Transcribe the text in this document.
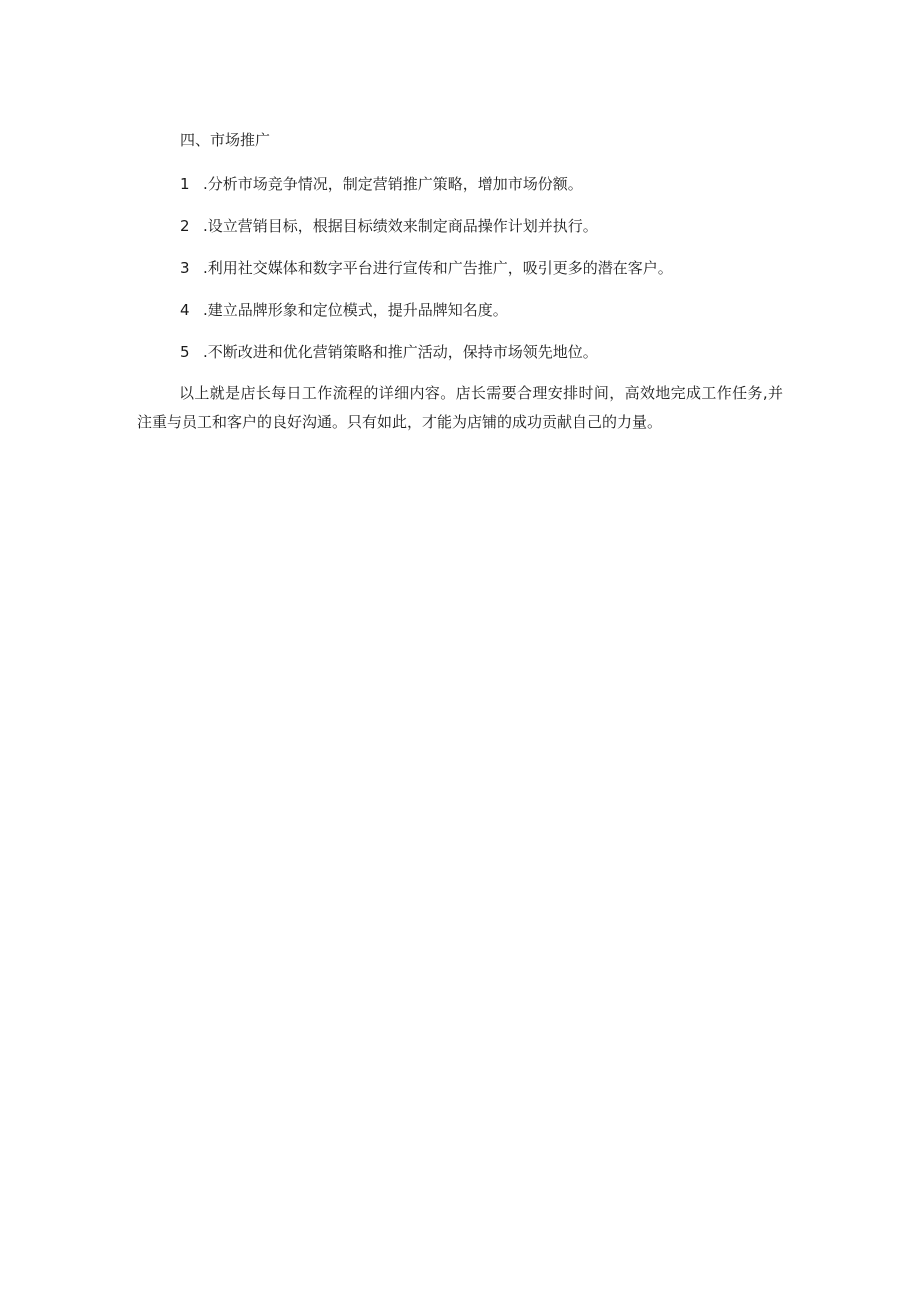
四、市场推广
1 .分析市场竞争情况，制定营销推广策略，增加市场份额。
2 .设立营销目标，根据目标绩效来制定商品操作计划并执行。
3 .利用社交媒体和数字平台进行宣传和广告推广，吸引更多的潜在客户。
4 .建立品牌形象和定位模式，提升品牌知名度。
5 .不断改进和优化营销策略和推广活动，保持市场领先地位。

以上就是店长每日工作流程的详细内容。店长需要合理安排时间，高效地完成工作任务,并注重与员工和客户的良好沟通。只有如此，才能为店铺的成功贡献自己的力量。
